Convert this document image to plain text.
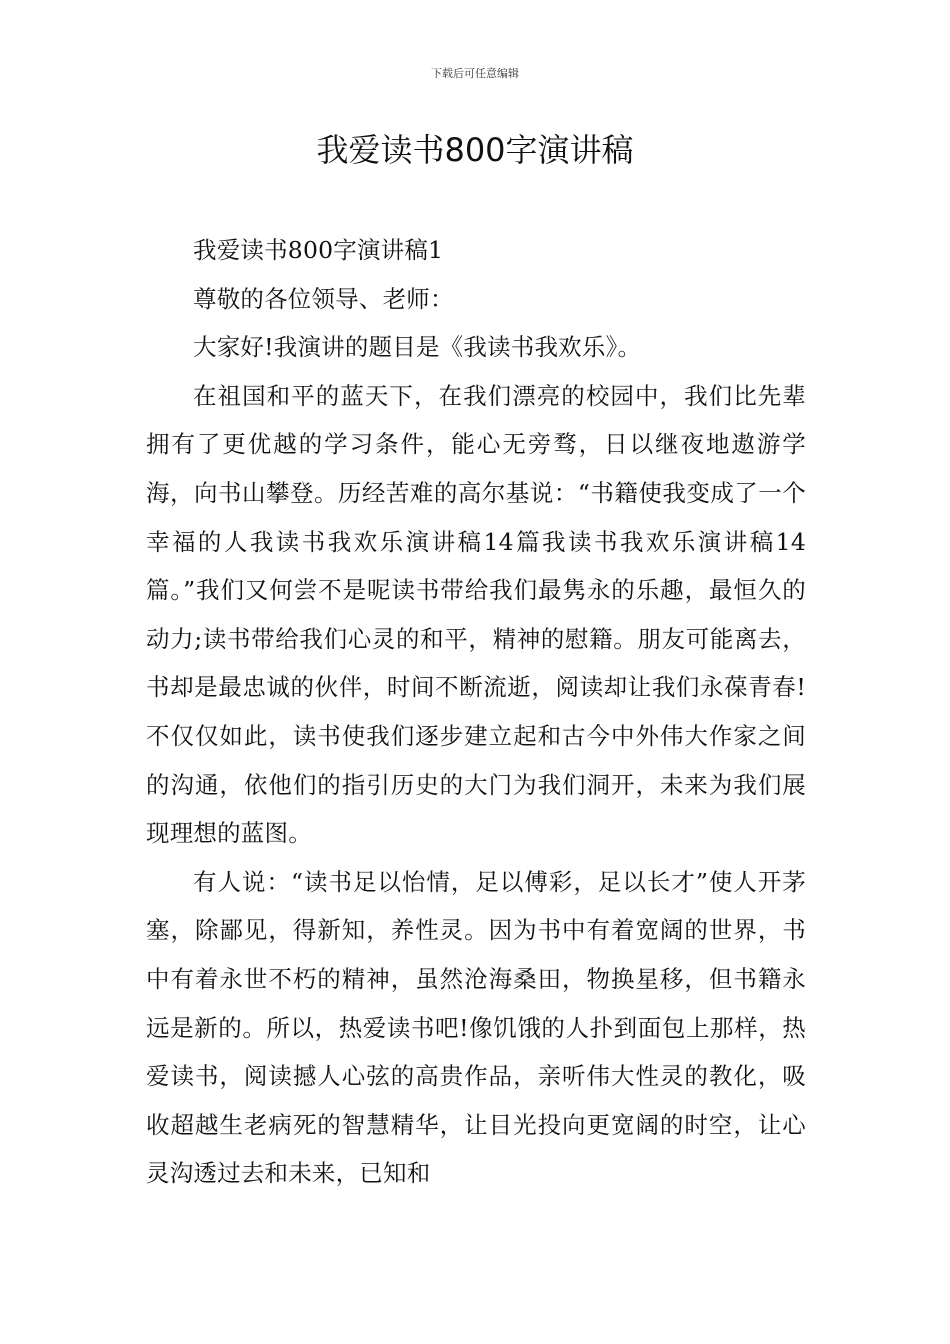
下载后可任意编辑
我爱读书800字演讲稿

我爱读书800字演讲稿1

尊敬的各位领导、老师：

大家好!我演讲的题目是《我读书我欢乐》。

在祖国和平的蓝天下，在我们漂亮的校园中，我们比先辈拥有了更优越的学习条件，能心无旁骛，日以继夜地遨游学海，向书山攀登。历经苦难的高尔基说：“书籍使我变成了一个幸福的人我读书我欢乐演讲稿14篇我读书我欢乐演讲稿14篇。”我们又何尝不是呢读书带给我们最隽永的乐趣，最恒久的动力;读书带给我们心灵的和平，精神的慰籍。朋友可能离去，书却是最忠诚的伙伴，时间不断流逝，阅读却让我们永葆青春!不仅仅如此，读书使我们逐步建立起和古今中外伟大作家之间的沟通，依他们的指引历史的大门为我们洞开，未来为我们展现理想的蓝图。

有人说：“读书足以怡情，足以傅彩，足以长才”使人开茅塞，除鄙见，得新知，养性灵。因为书中有着宽阔的世界，书中有着永世不朽的精神，虽然沧海桑田，物换星移，但书籍永远是新的。所以，热爱读书吧!像饥饿的人扑到面包上那样，热爱读书，阅读撼人心弦的高贵作品，亲听伟大性灵的教化，吸收超越生老病死的智慧精华，让目光投向更宽阔的时空，让心灵沟透过去和未来，已知和
